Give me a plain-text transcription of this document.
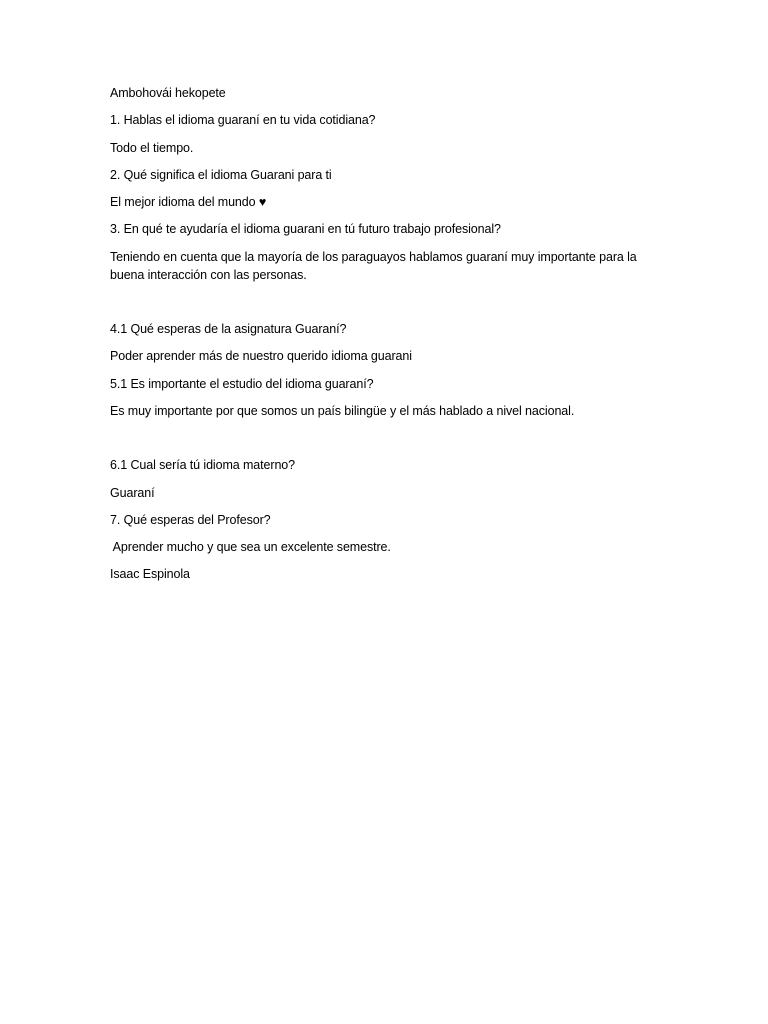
Ambohovái hekopete

1. Hablas el idioma guaraní en tu vida cotidiana?

Todo el tiempo.

2. Qué significa el idioma Guarani para ti

El mejor idioma del mundo ♥

3. En qué te ayudaría el idioma guarani en tú futuro trabajo profesional?

Teniendo en cuenta que la mayoría de los paraguayos hablamos guaraní muy importante para la buena interacción con las personas.

4.1 Qué esperas de la asignatura Guaraní?

Poder aprender más de nuestro querido idioma guarani

5.1 Es importante el estudio del idioma guaraní?

Es muy importante por que somos un país bilingüe y el más hablado a nivel nacional.

6.1 Cual sería tú idioma materno?

Guaraní

7. Qué esperas del Profesor?

Aprender mucho y que sea un excelente semestre.

Isaac Espinola
